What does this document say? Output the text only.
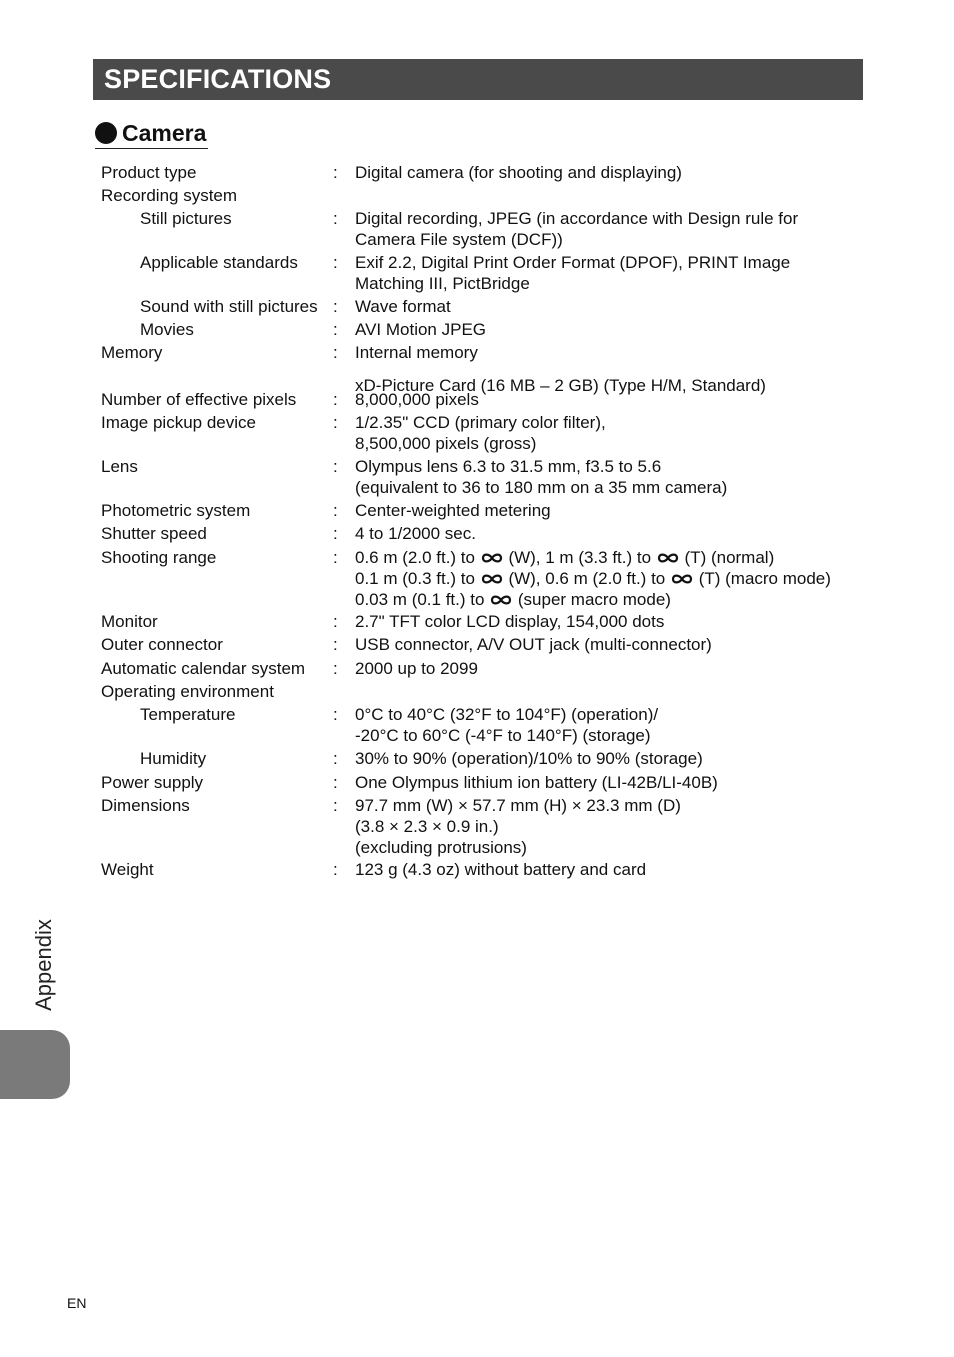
SPECIFICATIONS
Camera
Product type	: Digital camera (for shooting and displaying)
Recording system
Still pictures	: Digital recording, JPEG (in accordance with Design rule for
Camera File system (DCF))
Applicable standards : Exif 2.2, Digital Print Order Format (DPOF), PRINT Image
Matching III, PictBridge
Sound with still pictures : Wave format
Movies	: AVI Motion JPEG
Memory	: Internal memory
xD-Picture Card (16 MB – 2 GB) (Type H/M, Standard)
Number of effective pixels : 8,000,000 pixels
Image pickup device	: 1/2.35" CCD (primary color filter),
8,500,000 pixels (gross)
Lens	: Olympus lens 6.3 to 31.5 mm, f3.5 to 5.6
(equivalent to 36 to 180 mm on a 35 mm camera)
Photometric system	: Center-weighted metering
Shutter speed	: 4 to 1/2000 sec.
Shooting range	: 0.6 m (2.0 ft.) to  (W), 1 m (3.3 ft.) to  (T) (normal)
0.1 m (0.3 ft.) to  (W), 0.6 m (2.0 ft.) to  (T) (macro mode)
0.03 m (0.1 ft.) to  (super macro mode)
Monitor	: 2.7" TFT color LCD display, 154,000 dots
Outer connector	: USB connector, A/V OUT jack (multi-connector)
Automatic calendar system : 2000 up to 2099
Operating environment
Temperature	: 0°C to 40°C (32°F to 104°F) (operation)/
-20°C to 60°C (-4°F to 140°F) (storage)
Humidity	: 30% to 90% (operation)/10% to 90% (storage)
Power supply	: One Olympus lithium ion battery (LI-42B/LI-40B)
Dimensions	: 97.7 mm (W) × 57.7 mm (H) × 23.3 mm (D)
(3.8 × 2.3 × 0.9 in.)
(excluding protrusions)
Weight	: 123 g (4.3 oz) without battery and card
Appendix
EN
